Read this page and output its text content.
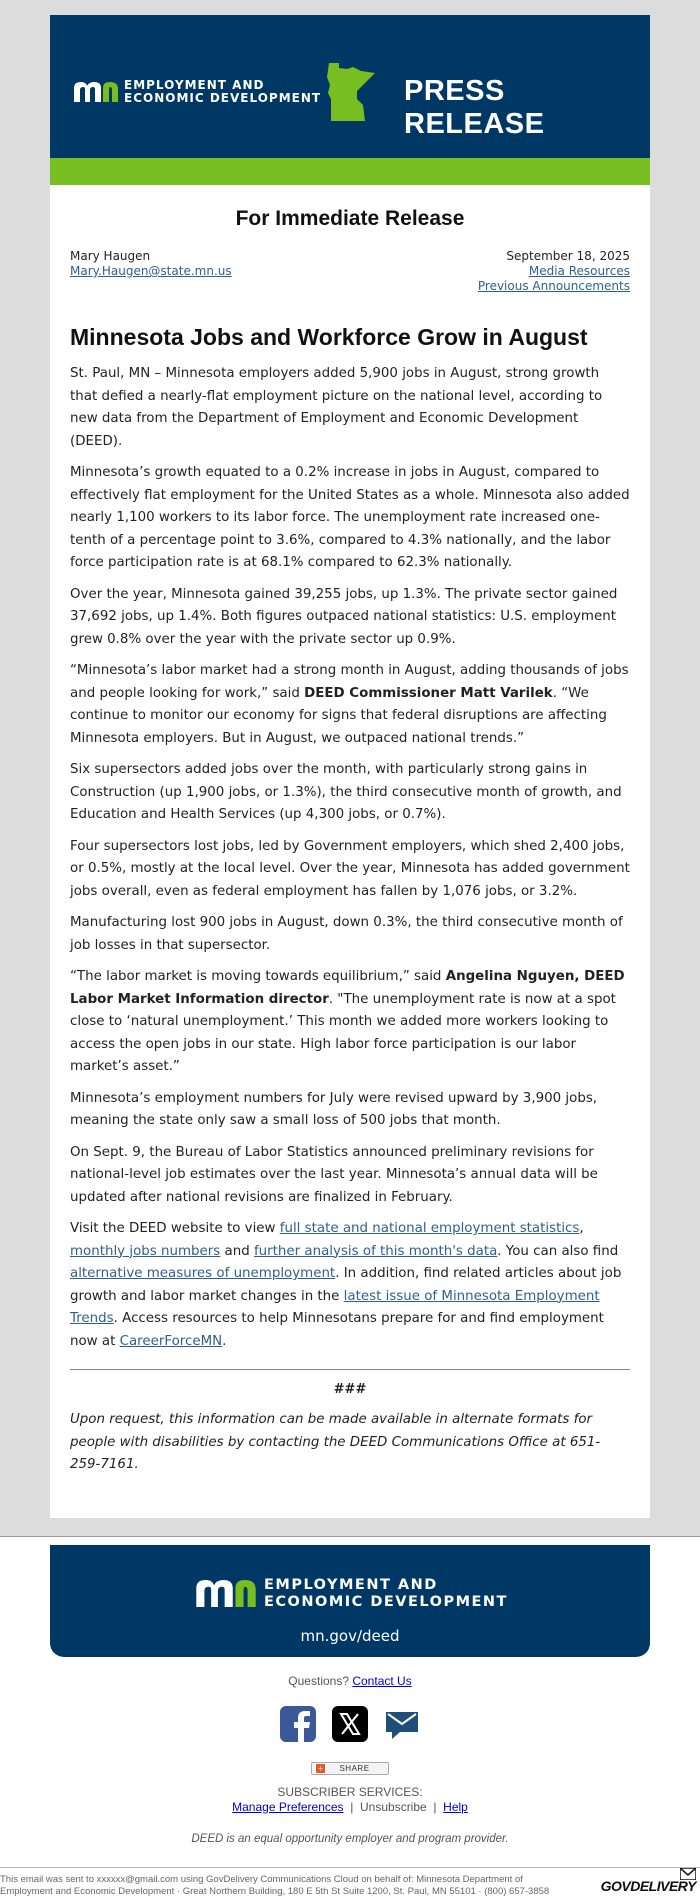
EMPLOYMENT AND
ECONOMIC DEVELOPMENT	PRESS RELEASE
For Immediate Release
Mary Haugen
Mary.Haugen@state.mn.us
September 18, 2025
Media Resources
Previous Announcements
Minnesota Jobs and Workforce Grow in August

St. Paul, MN – Minnesota employers added 5,900 jobs in August, strong growth that defied a nearly-flat employment picture on the national level, according to new data from the Department of Employment and Economic Development (DEED).

Minnesota’s growth equated to a 0.2% increase in jobs in August, compared to effectively flat employment for the United States as a whole. Minnesota also added nearly 1,100 workers to its labor force. The unemployment rate increased one-tenth of a percentage point to 3.6%, compared to 4.3% nationally, and the labor force participation rate is at 68.1% compared to 62.3% nationally.

Over the year, Minnesota gained 39,255 jobs, up 1.3%. The private sector gained 37,692 jobs, up 1.4%. Both figures outpaced national statistics: U.S. employment grew 0.8% over the year with the private sector up 0.9%.

“Minnesota’s labor market had a strong month in August, adding thousands of jobs and people looking for work,” said DEED Commissioner Matt Varilek. “We continue to monitor our economy for signs that federal disruptions are affecting Minnesota employers. But in August, we outpaced national trends.”

Six supersectors added jobs over the month, with particularly strong gains in Construction (up 1,900 jobs, or 1.3%), the third consecutive month of growth, and Education and Health Services (up 4,300 jobs, or 0.7%).

Four supersectors lost jobs, led by Government employers, which shed 2,400 jobs, or 0.5%, mostly at the local level. Over the year, Minnesota has added government jobs overall, even as federal employment has fallen by 1,076 jobs, or 3.2%.

Manufacturing lost 900 jobs in August, down 0.3%, the third consecutive month of job losses in that supersector.

“The labor market is moving towards equilibrium,” said Angelina Nguyen, DEED Labor Market Information director. "The unemployment rate is now at a spot close to ‘natural unemployment.’ This month we added more workers looking to access the open jobs in our state. High labor force participation is our labor market’s asset.”

Minnesota’s employment numbers for July were revised upward by 3,900 jobs, meaning the state only saw a small loss of 500 jobs that month.

On Sept. 9, the Bureau of Labor Statistics announced preliminary revisions for national-level job estimates over the last year. Minnesota’s annual data will be updated after national revisions are finalized in February.

Visit the DEED website to view full state and national employment statistics, monthly jobs numbers and further analysis of this month's data. You can also find alternative measures of unemployment. In addition, find related articles about job growth and labor market changes in the latest issue of Minnesota Employment Trends. Access resources to help Minnesotans prepare for and find employment now at CareerForceMN.

###

Upon request, this information can be made available in alternate formats for people with disabilities by contacting the DEED Communications Office at 651-259-7161.

EMPLOYMENT AND
ECONOMIC DEVELOPMENT
mn.gov/deed
Questions? Contact Us
+ SHARE
SUBSCRIBER SERVICES:
Manage Preferences  |  Unsubscribe  |  Help
DEED is an equal opportunity employer and program provider.
This email was sent to xxxxxx@gmail.com using GovDelivery Communications Cloud on behalf of: Minnesota Department of Employment and Economic Development · Great Northern Building, 180 E 5th St Suite 1200, St. Paul, MN 55101 · (800) 657-3858	GOVDELIVERY
